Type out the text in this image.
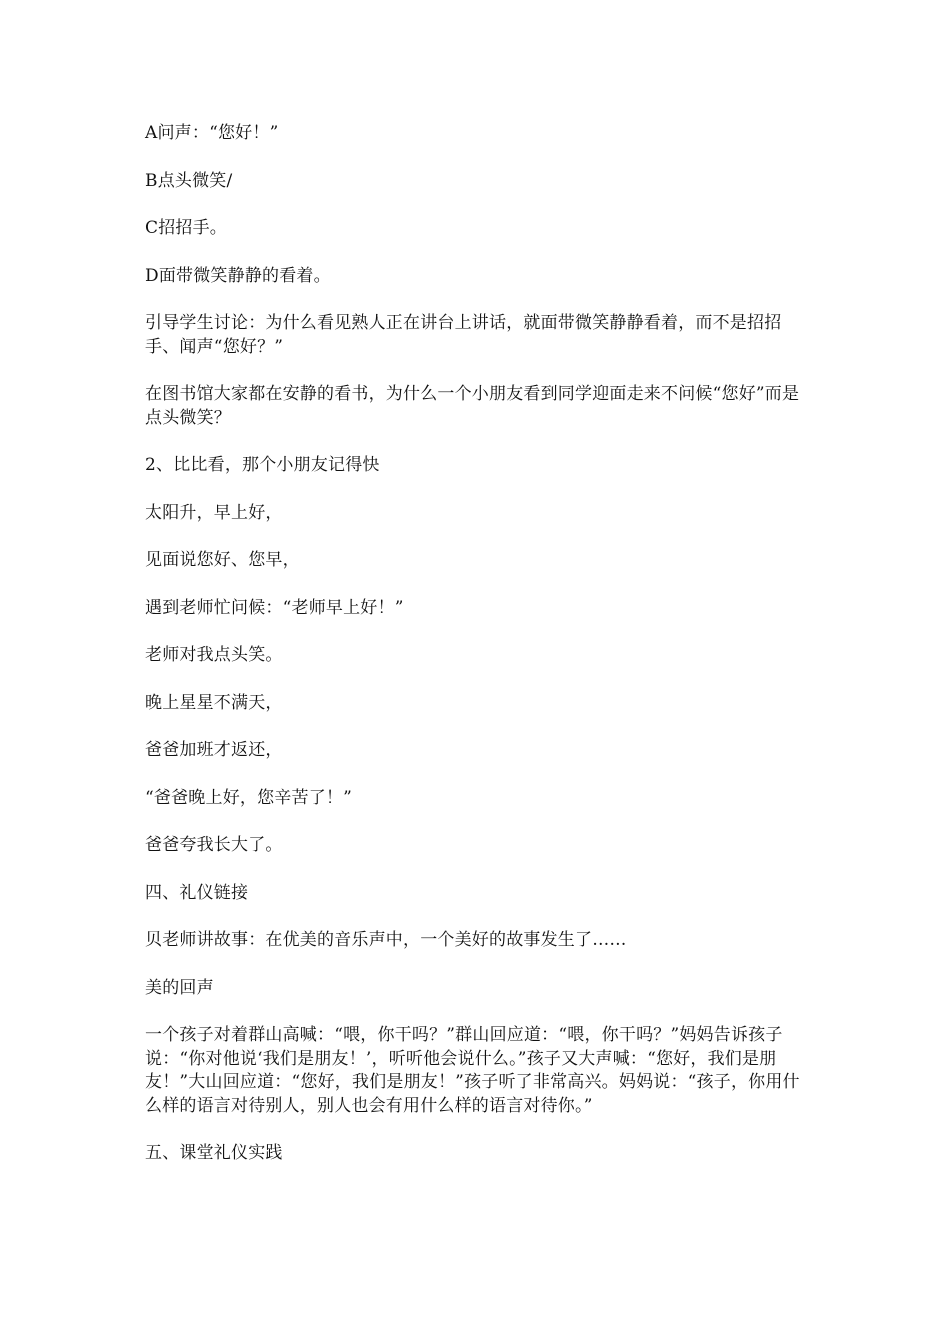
A问声：“您好！”

B点头微笑/

C招招手。

D面带微笑静静的看着。

引导学生讨论：为什么看见熟人正在讲台上讲话，就面带微笑静静看着，而不是招招手、闻声“您好？”

在图书馆大家都在安静的看书，为什么一个小朋友看到同学迎面走来不问候“您好”而是点头微笑？

2、比比看，那个小朋友记得快

太阳升，早上好，

见面说您好、您早，

遇到老师忙问候：“老师早上好！”

老师对我点头笑。

晚上星星不满天，

爸爸加班才返还，

“爸爸晚上好，您辛苦了！”

爸爸夸我长大了。

四、礼仪链接

贝老师讲故事：在优美的音乐声中，一个美好的故事发生了……

美的回声

一个孩子对着群山高喊：“喂，你干吗？”群山回应道：“喂，你干吗？”妈妈告诉孩子说：“你对他说‘我们是朋友！’，听听他会说什么。”孩子又大声喊：“您好，我们是朋友！”大山回应道：“您好，我们是朋友！”孩子听了非常高兴。妈妈说：“孩子，你用什么样的语言对待别人，别人也会有用什么样的语言对待你。”

五、课堂礼仪实践
